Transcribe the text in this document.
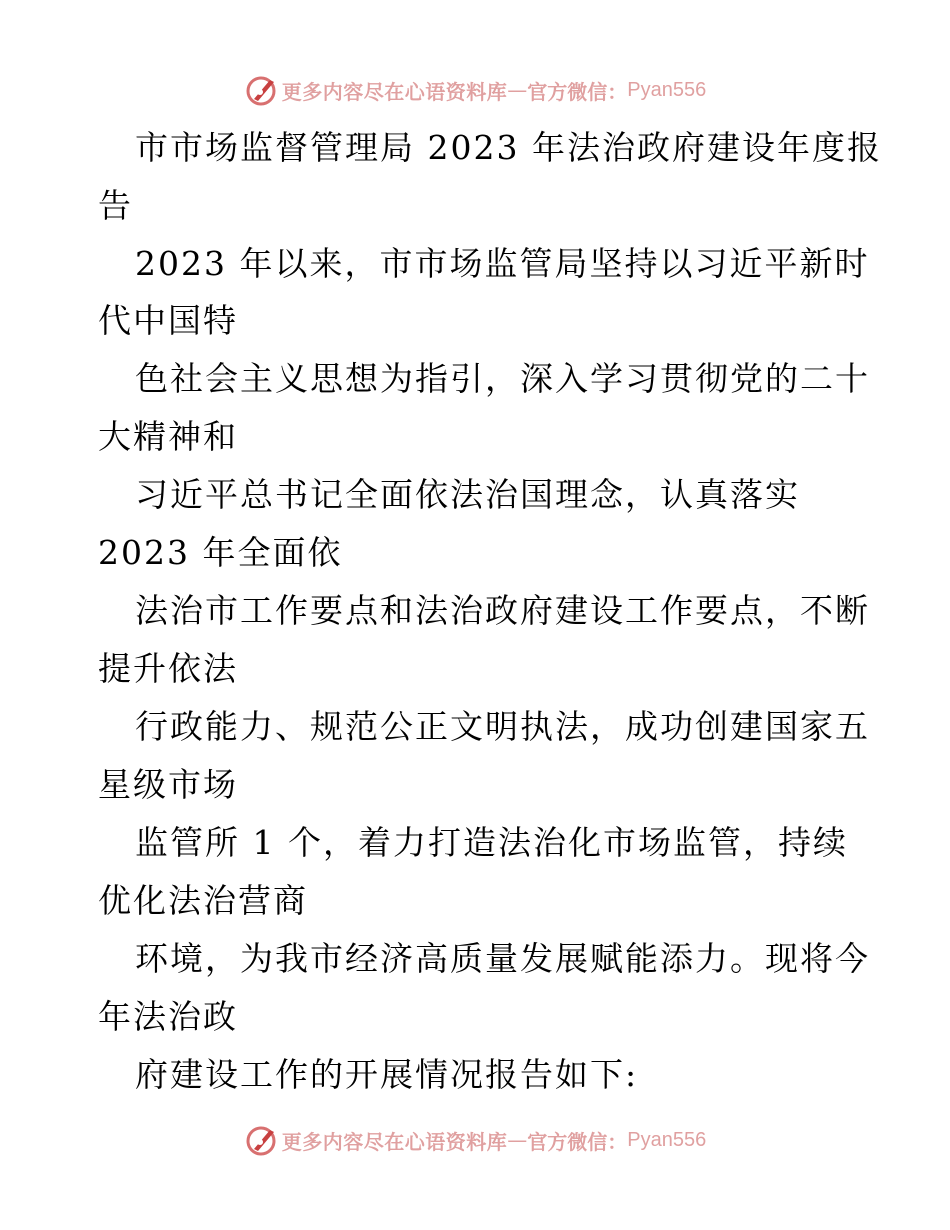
更多内容尽在心语资料库 — 官方微信： Pyan556
市市场监督管理局 2023 年法治政府建设年度报
告
2023 年以来，市市场监管局坚持以习近平新时
代中国特
色社会主义思想为指引，深入学习贯彻党的二十
大精神和
习近平总书记全面依法治国理念，认真落实
2023 年全面依
法治市工作要点和法治政府建设工作要点，不断
提升依法
行政能力、规范公正文明执法，成功创建国家五
星级市场
监管所 1 个，着力打造法治化市场监管，持续
优化法治营商
环境，为我市经济高质量发展赋能添力。现将今
年法治政
府建设工作的开展情况报告如下:
更多内容尽在心语资料库 — 官方微信： Pyan556
